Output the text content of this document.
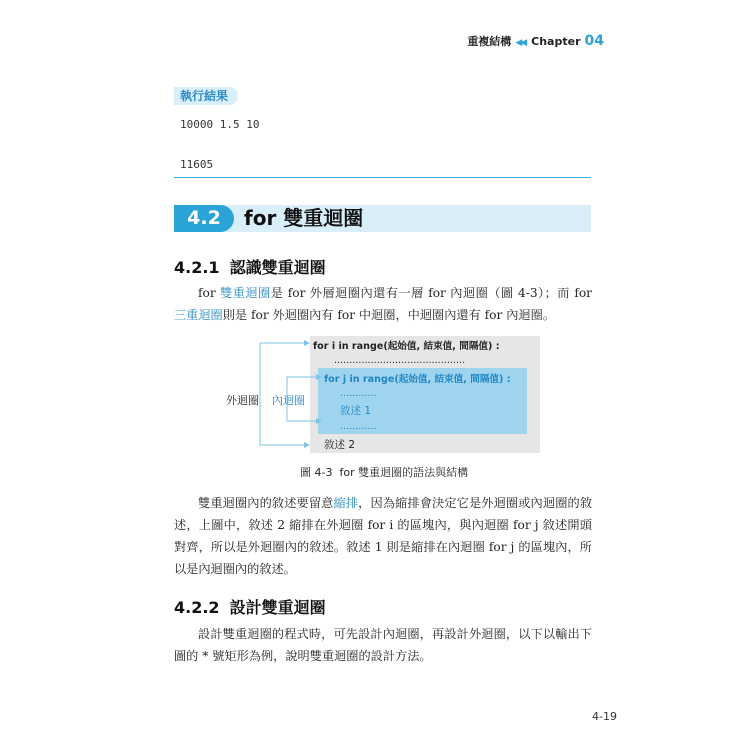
重複結構 ◀◀ Chapter 04
執行結果
10000 1.5 10
11605
4.2	for 雙重迴圈
4.2.1 認識雙重迴圈

for 雙重迴圈是 for 外層迴圈內還有一層 for 內迴圈（圖 4-3）；而 for 三重迴圈則是 for 外迴圈內有 for 中迴圈，中迴圈內還有 for 內迴圈。

for i in range(起始值, 結束值, 間隔值) :
...........................................
for j in range(起始值, 結束值, 間隔值) :
............
敘述 1
............
敘述 2
外迴圈 內迴圈
圖 4-3 for 雙重迴圈的語法與結構

雙重迴圈內的敘述要留意縮排，因為縮排會決定它是外迴圈或內迴圈的敘述，上圖中，敘述 2 縮排在外迴圈 for i 的區塊內，與內迴圈 for j 敘述開頭對齊，所以是外迴圈內的敘述。敘述 1 則是縮排在內迴圈 for j 的區塊內，所以是內迴圈內的敘述。

4.2.2 設計雙重迴圈

設計雙重迴圈的程式時，可先設計內迴圈，再設計外迴圈，以下以輸出下圖的 * 號矩形為例，說明雙重迴圈的設計方法。

4-19
